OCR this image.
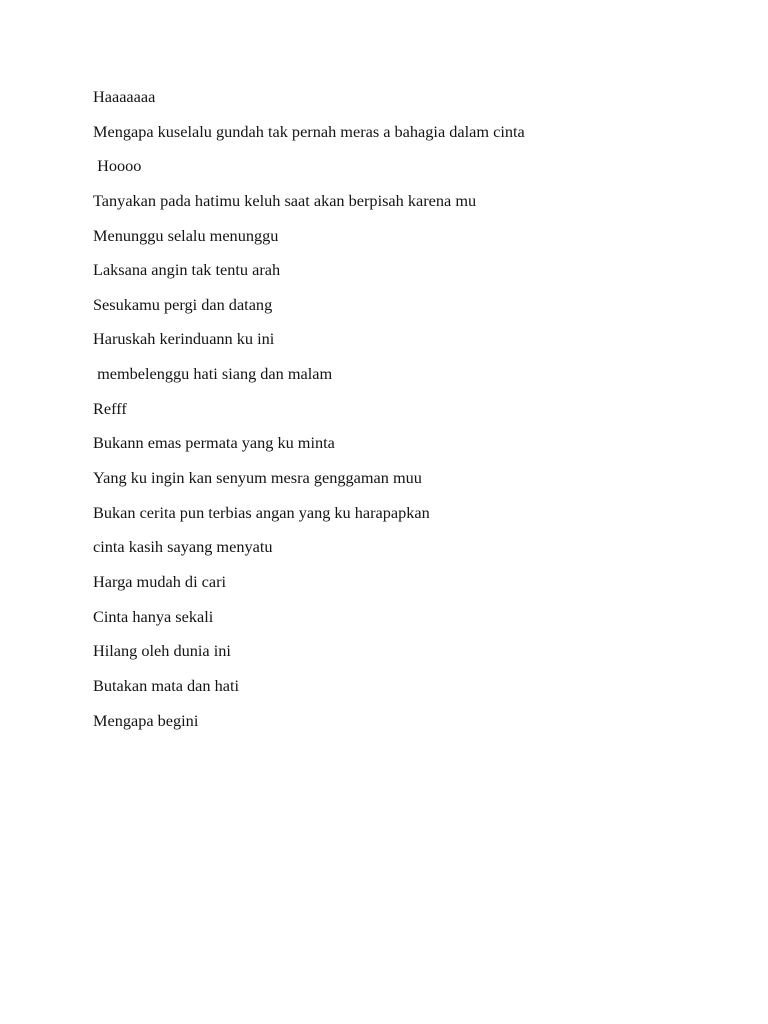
Haaaaaaa
Mengapa kuselalu gundah tak pernah meras a bahagia dalam cinta
Hoooo
Tanyakan pada hatimu keluh saat akan berpisah karena mu
Menunggu selalu menunggu
Laksana angin tak tentu arah
Sesukamu pergi dan datang
Haruskah kerinduann ku ini
membelenggu hati siang dan malam
Refff
Bukann emas permata yang ku minta
Yang ku ingin kan senyum mesra genggaman muu
Bukan cerita pun terbias angan yang ku harapapkan
cinta kasih sayang menyatu
Harga mudah di cari
Cinta hanya sekali
Hilang oleh dunia ini
Butakan mata dan hati
Mengapa begini
